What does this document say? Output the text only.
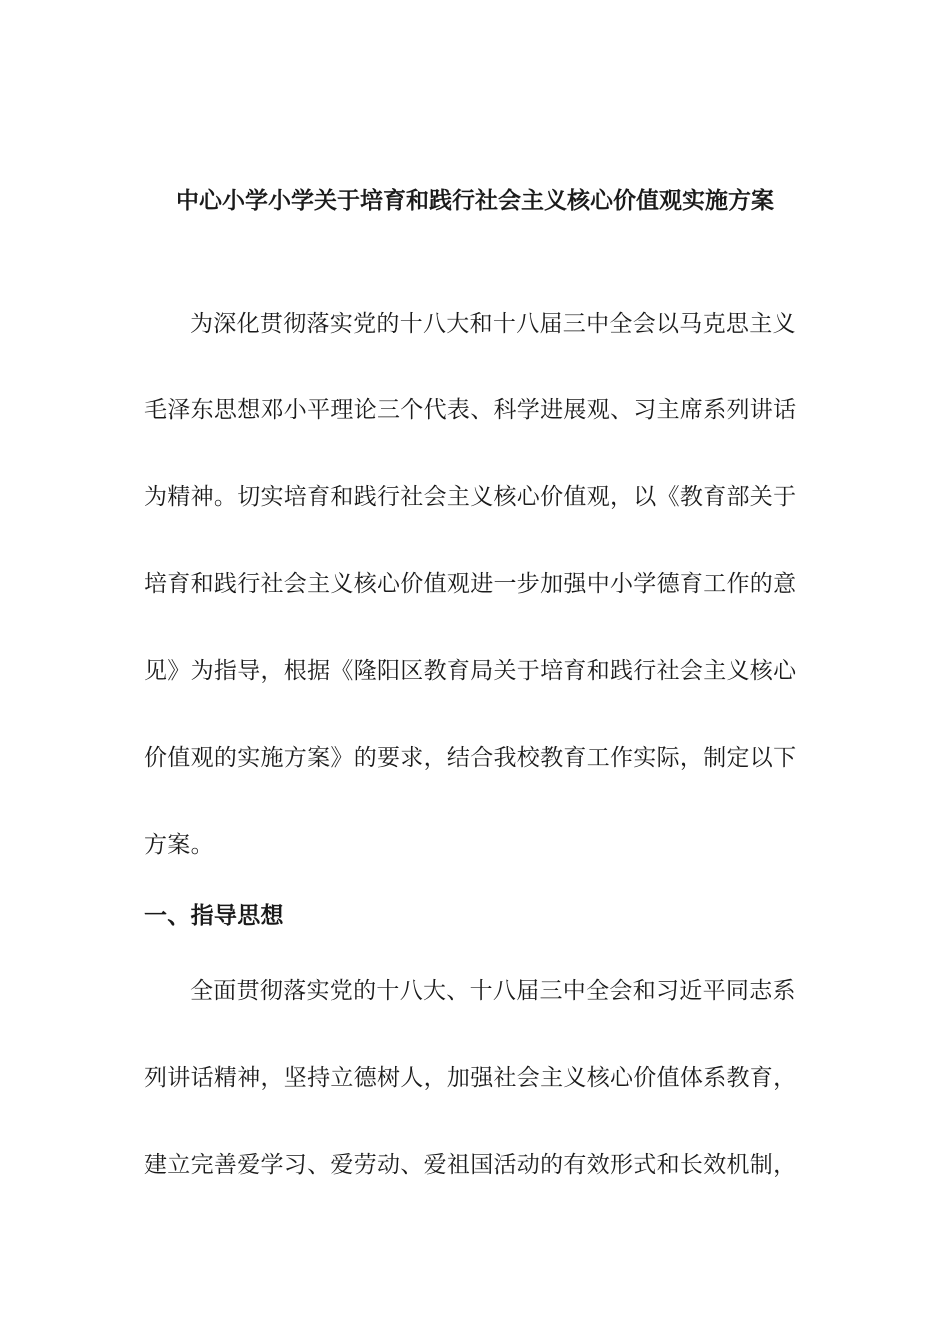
中心小学小学关于培育和践行社会主义核心价值观实施方案
为深化贯彻落实党的十八大和十八届三中全会以马克思主义
毛泽东思想邓小平理论三个代表、科学进展观、习主席系列讲话
为精神。切实培育和践行社会主义核心价值观，以《教育部关于
培育和践行社会主义核心价值观进一步加强中小学德育工作的意
见》为指导，根据《隆阳区教育局关于培育和践行社会主义核心
价值观的实施方案》的要求，结合我校教育工作实际，制定以下
方案。
一、指导思想
全面贯彻落实党的十八大、十八届三中全会和习近平同志系
列讲话精神，坚持立德树人，加强社会主义核心价值体系教育，
建立完善爱学习、爱劳动、爱祖国活动的有效形式和长效机制，
